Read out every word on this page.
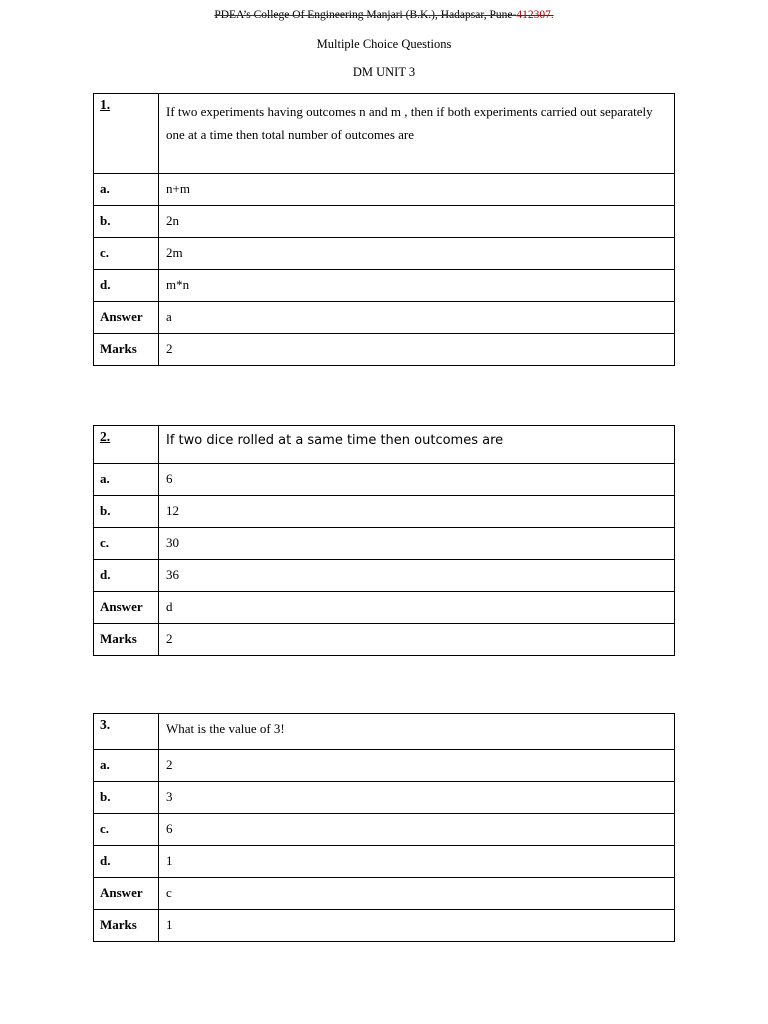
PDEA’s College Of Engineering Manjari (B.K.), Hadapsar, Pune-412307.
Multiple Choice Questions
DM UNIT 3
1.	If two experiments having outcomes n and m , then if both experiments carried out separately one at a time then total number of outcomes are
a.	n+m
b.	2n
c.	2m
d.	m*n
Answer	a
Marks	2
2.	If two dice rolled at a same time then outcomes are
a.	6
b.	12
c.	30
d.	36
Answer	d
Marks	2
3.	What is the value of 3!
a.	2
b.	3
c.	6
d.	1
Answer	c
Marks	1
